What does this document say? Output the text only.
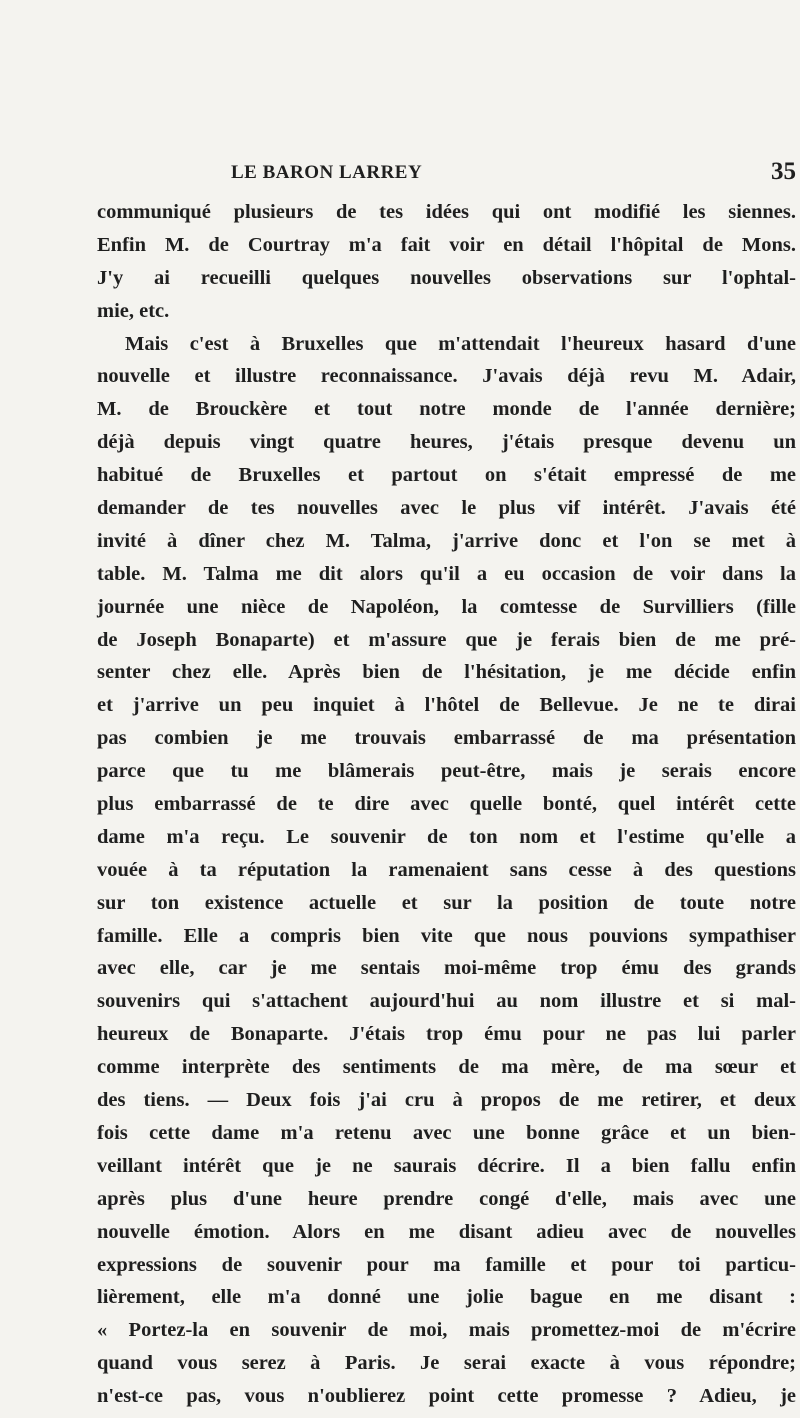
LE BARON LARREY	35
communiqué plusieurs de tes idées qui ont modifié les siennes.
Enfin M. de Courtray m'a fait voir en détail l'hôpital de Mons.
J'y ai recueilli quelques nouvelles observations sur l'ophtal-
mie, etc.
Mais c'est à Bruxelles que m'attendait l'heureux hasard d'une
nouvelle et illustre reconnaissance. J'avais déjà revu M. Adair,
M. de Brouckère et tout notre monde de l'année dernière;
déjà depuis vingt quatre heures, j'étais presque devenu un
habitué de Bruxelles et partout on s'était empressé de me
demander de tes nouvelles avec le plus vif intérêt. J'avais été
invité à dîner chez M. Talma, j'arrive donc et l'on se met à
table. M. Talma me dit alors qu'il a eu occasion de voir dans la
journée une nièce de Napoléon, la comtesse de Survilliers (fille
de Joseph Bonaparte) et m'assure que je ferais bien de me pré-
senter chez elle. Après bien de l'hésitation, je me décide enfin
et j'arrive un peu inquiet à l'hôtel de Bellevue. Je ne te dirai
pas combien je me trouvais embarrassé de ma présentation
parce que tu me blâmerais peut-être, mais je serais encore
plus embarrassé de te dire avec quelle bonté, quel intérêt cette
dame m'a reçu. Le souvenir de ton nom et l'estime qu'elle a
vouée à ta réputation la ramenaient sans cesse à des questions
sur ton existence actuelle et sur la position de toute notre
famille. Elle a compris bien vite que nous pouvions sympathiser
avec elle, car je me sentais moi-même trop ému des grands
souvenirs qui s'attachent aujourd'hui au nom illustre et si mal-
heureux de Bonaparte. J'étais trop ému pour ne pas lui parler
comme interprète des sentiments de ma mère, de ma sœur et
des tiens. — Deux fois j'ai cru à propos de me retirer, et deux
fois cette dame m'a retenu avec une bonne grâce et un bien-
veillant intérêt que je ne saurais décrire. Il a bien fallu enfin
après plus d'une heure prendre congé d'elle, mais avec une
nouvelle émotion. Alors en me disant adieu avec de nouvelles
expressions de souvenir pour ma famille et pour toi particu-
lièrement, elle m'a donné une jolie bague en me disant :
« Portez-la en souvenir de moi, mais promettez-moi de m'écrire
quand vous serez à Paris. Je serai exacte à vous répondre;
n'est-ce pas, vous n'oublierez point cette promesse ? Adieu, je
